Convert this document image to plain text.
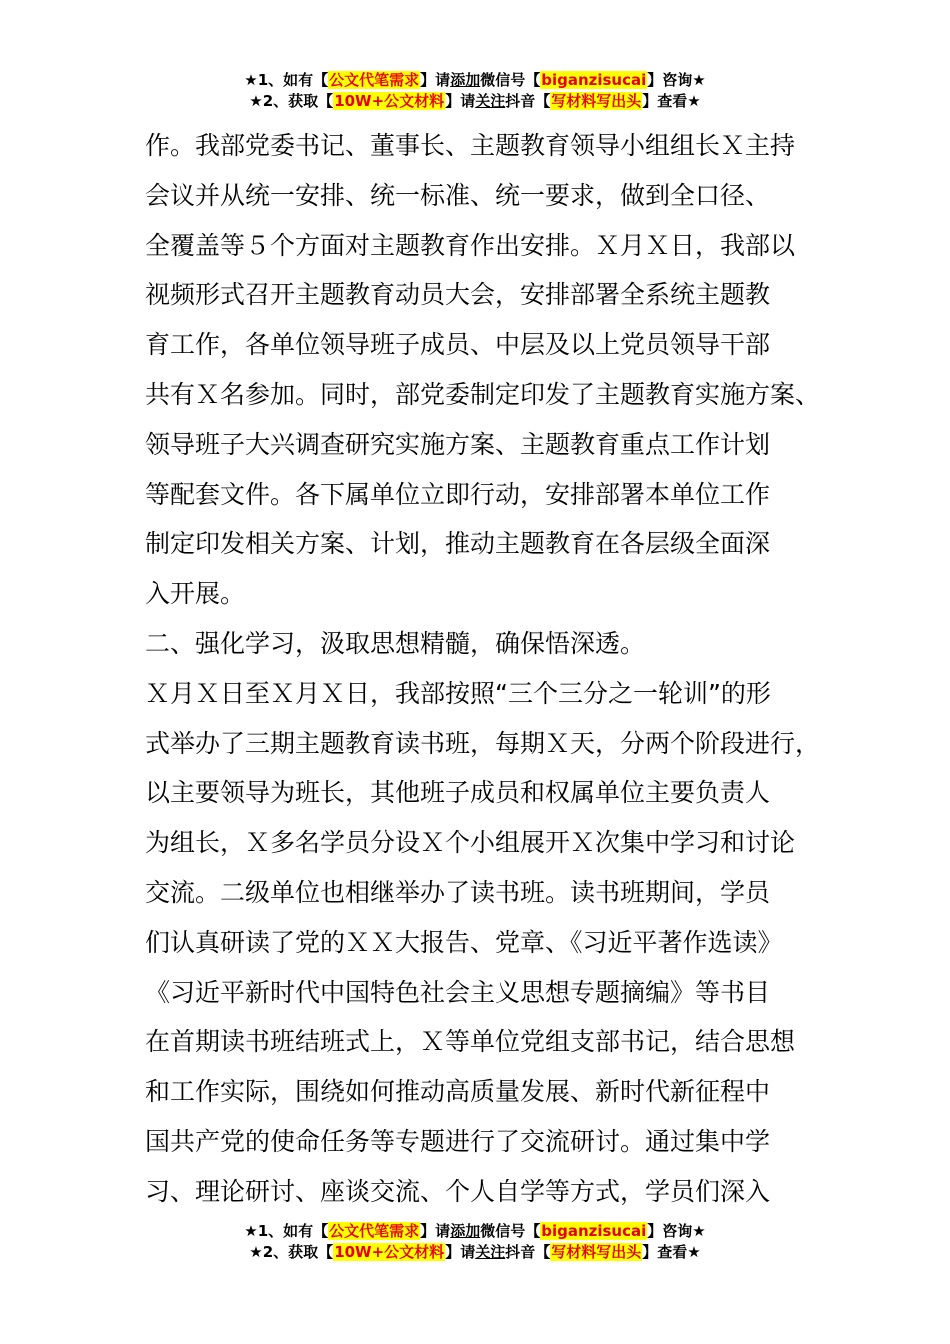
★1、如有【公文代笔需求】请添加微信号【biganzisucai】咨询★
★2、获取【10W+公文材料】请关注抖音【写材料写出头】查看★
作。我部党委书记、董事长、主题教育领导小组组长Ｘ主持
会议并从统一安排、统一标准、统一要求，做到全口径、
全覆盖等５个方面对主题教育作出安排。Ｘ月Ｘ日，我部以
视频形式召开主题教育动员大会，安排部署全系统主题教
育工作，各单位领导班子成员、中层及以上党员领导干部
共有Ｘ名参加。同时，部党委制定印发了主题教育实施方案、
领导班子大兴调查研究实施方案、主题教育重点工作计划
等配套文件。各下属单位立即行动，安排部署本单位工作
制定印发相关方案、计划，推动主题教育在各层级全面深
入开展。
二、强化学习，汲取思想精髓，确保悟深透。
Ｘ月Ｘ日至Ｘ月Ｘ日，我部按照“三个三分之一轮训”的形
式举办了三期主题教育读书班，每期Ｘ天，分两个阶段进行，
以主要领导为班长，其他班子成员和权属单位主要负责人
为组长，Ｘ多名学员分设Ｘ个小组展开Ｘ次集中学习和讨论
交流。二级单位也相继举办了读书班。读书班期间，学员
们认真研读了党的ＸＸ大报告、党章、《习近平著作选读》
《习近平新时代中国特色社会主义思想专题摘编》等书目
在首期读书班结班式上，Ｘ等单位党组支部书记，结合思想
和工作实际，围绕如何推动高质量发展、新时代新征程中
国共产党的使命任务等专题进行了交流研讨。通过集中学
习、理论研讨、座谈交流、个人自学等方式，学员们深入
★1、如有【公文代笔需求】请添加微信号【biganzisucai】咨询★
★2、获取【10W+公文材料】请关注抖音【写材料写出头】查看★
